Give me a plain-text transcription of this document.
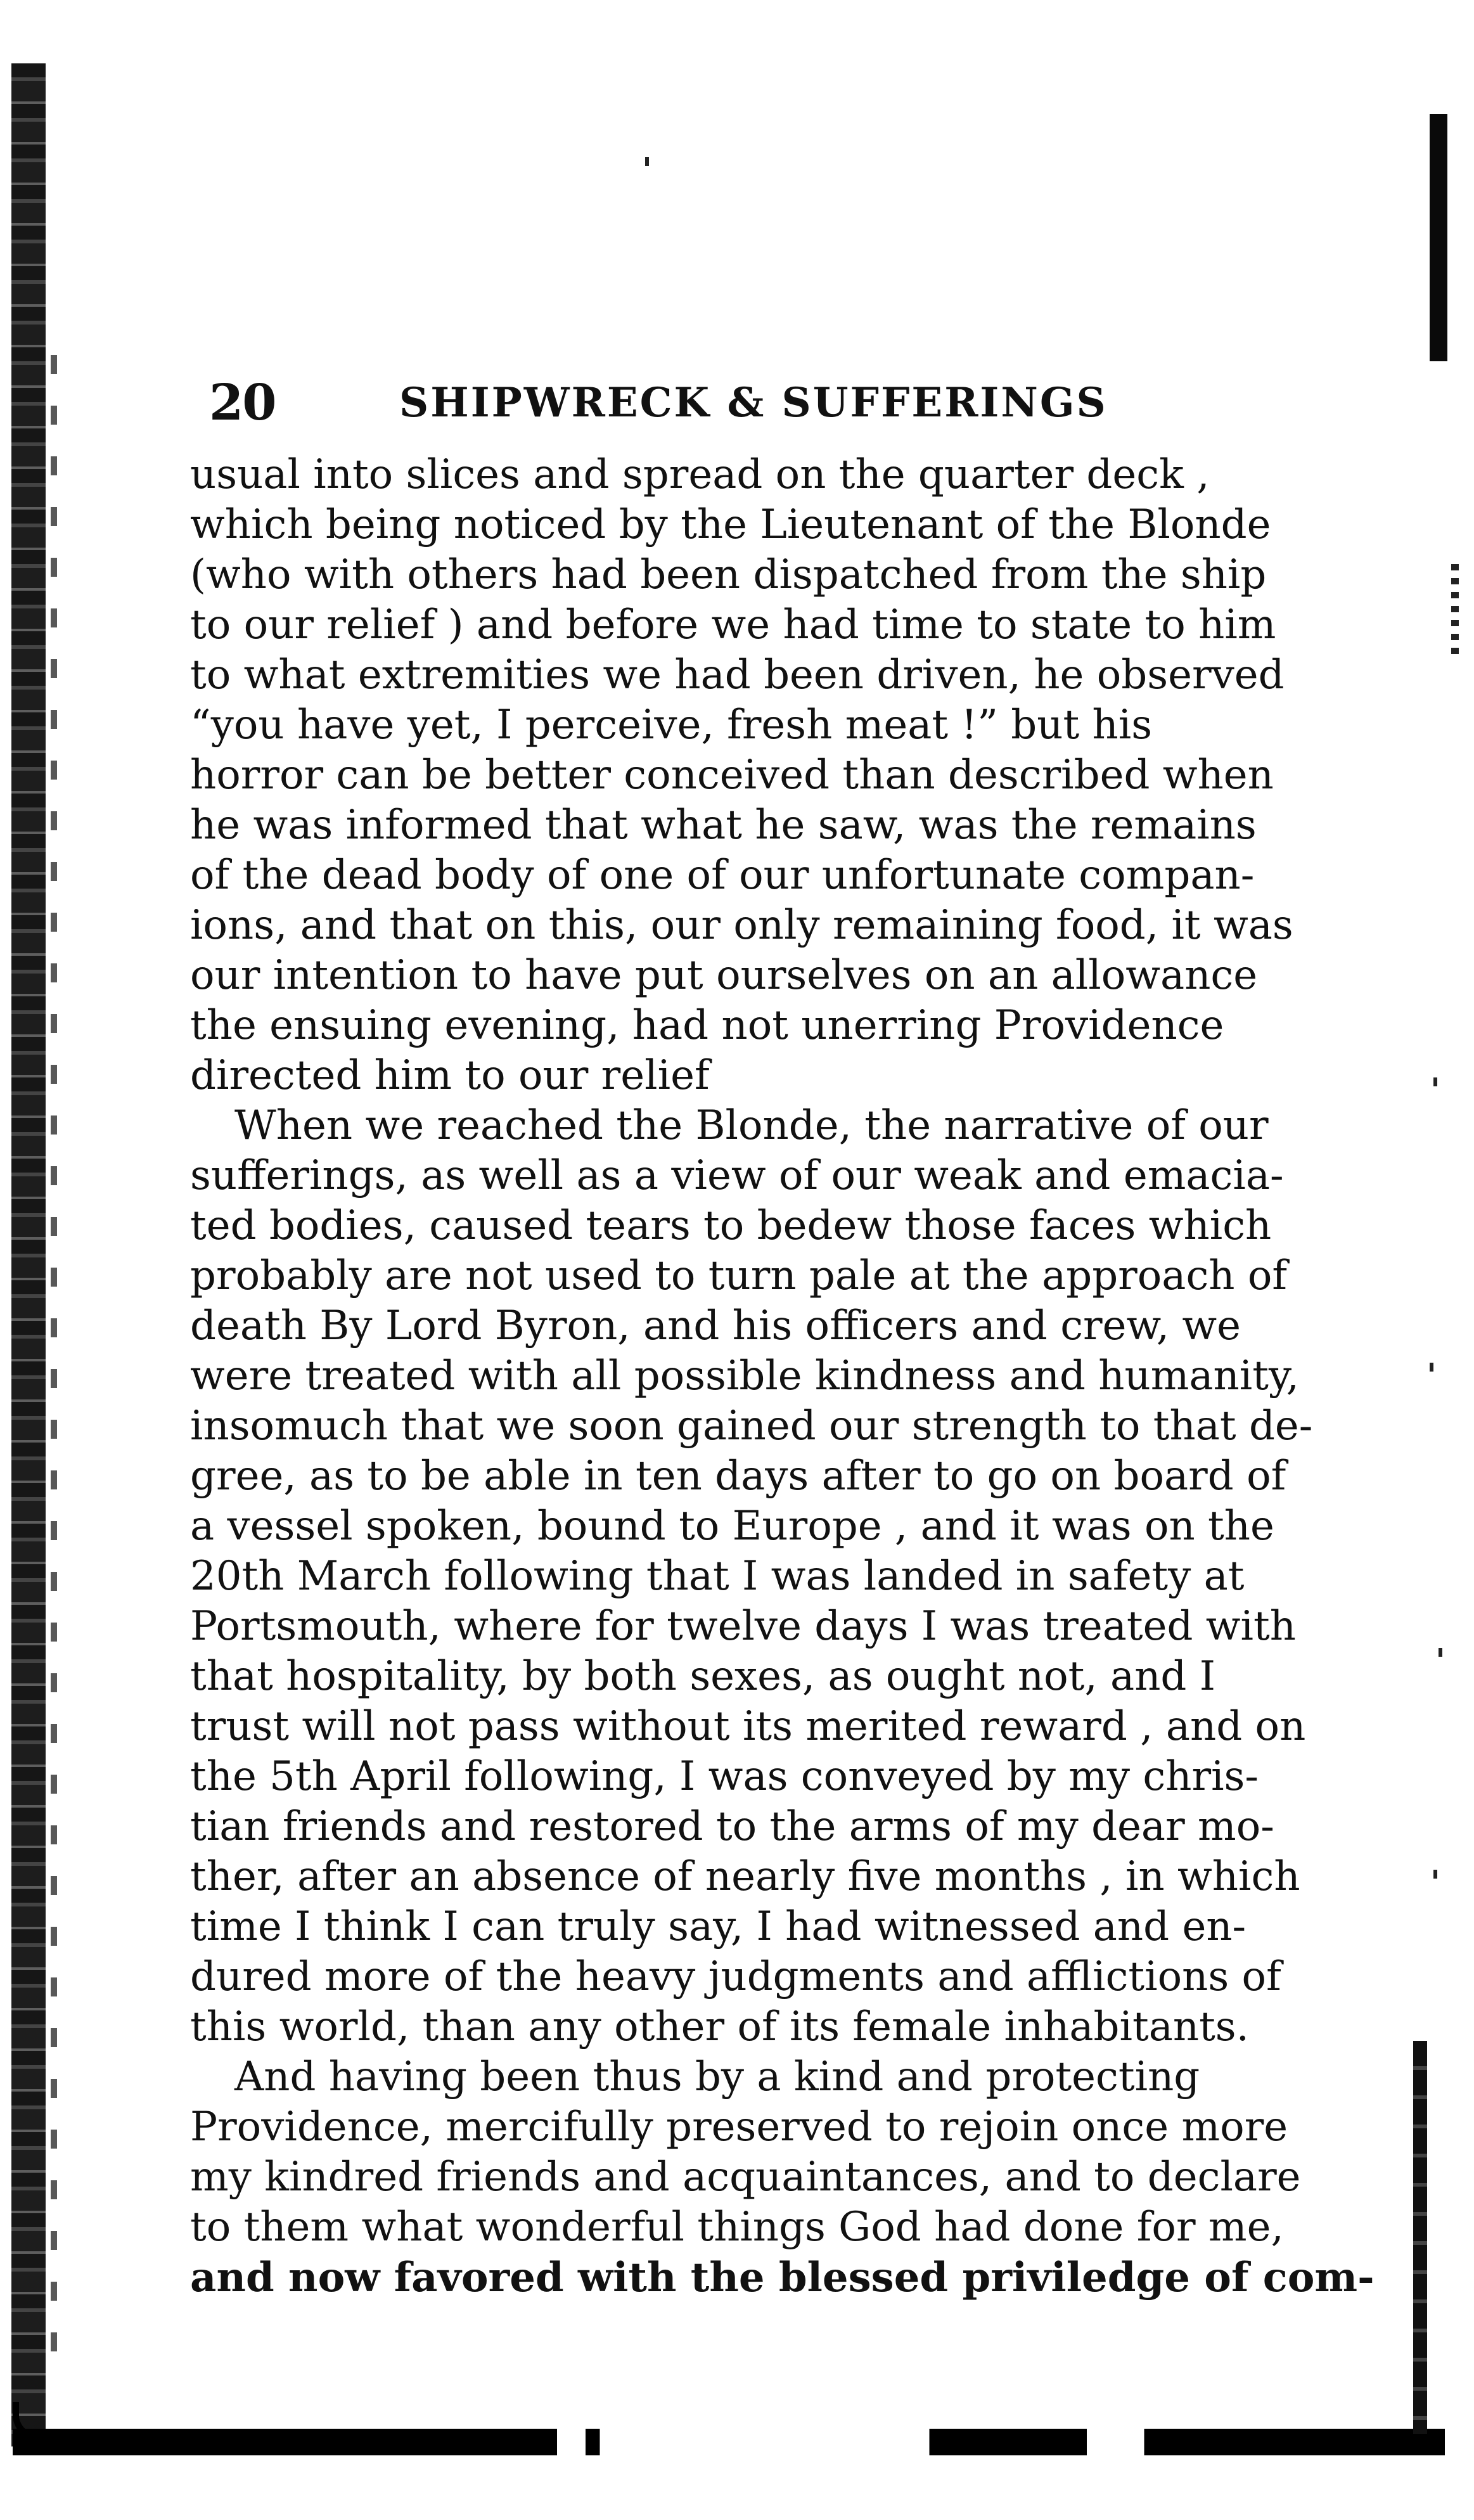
20	SHIPWRECK & SUFFERINGS
usual into slices and spread on the quarter deck ,
which being noticed by the Lieutenant of the Blonde
(who with others had been dispatched from the ship
to our relief ) and before we had time to state to him
to what extremities we had been driven, he observed
“you have yet, I perceive, fresh meat !” but his
horror can be better conceived than described when
he was informed that what he saw, was the remains
of the dead body of one of our unfortunate compan-
ions, and that on this, our only remaining food, it was
our intention to have put ourselves on an allowance
the ensuing evening, had not unerring Providence
directed him to our relief
When we reached the Blonde, the narrative of our
sufferings, as well as a view of our weak and emacia-
ted bodies, caused tears to bedew those faces which
probably are not used to turn pale at the approach of
death By Lord Byron, and his officers and crew, we
were treated with all possible kindness and humanity,
insomuch that we soon gained our strength to that de-
gree, as to be able in ten days after to go on board of
a vessel spoken, bound to Europe , and it was on the
20th March following that I was landed in safety at
Portsmouth, where for twelve days I was treated with
that hospitality, by both sexes, as ought not, and I
trust will not pass without its merited reward , and on
the 5th April following, I was conveyed by my chris-
tian friends and restored to the arms of my dear mo-
ther, after an absence of nearly five months , in which
time I think I can truly say, I had witnessed and en-
dured more of the heavy judgments and afflictions of
this world, than any other of its female inhabitants.
And having been thus by a kind and protecting
Providence, mercifully preserved to rejoin once more
my kindred friends and acquaintances, and to declare
to them what wonderful things God had done for me,
and now favored with the blessed priviledge of com-
